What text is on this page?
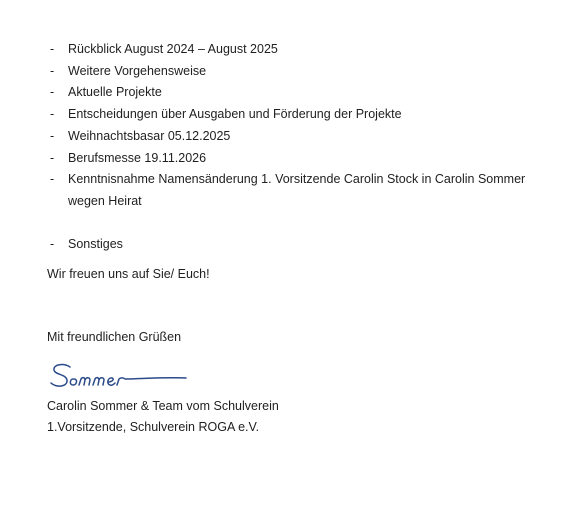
- Rückblick August 2024 – August 2025
- Weitere Vorgehensweise
- Aktuelle Projekte
- Entscheidungen über Ausgaben und Förderung der Projekte
- Weihnachtsbasar 05.12.2025
- Berufsmesse 19.11.2026
- Kenntnisnahme Namensänderung 1. Vorsitzende Carolin Stock in Carolin Sommer wegen Heirat
- Sonstiges
Wir freuen uns auf Sie/ Euch!
Mit freundlichen Grüßen
Carolin Sommer & Team vom Schulverein
1.Vorsitzende, Schulverein ROGA e.V.
